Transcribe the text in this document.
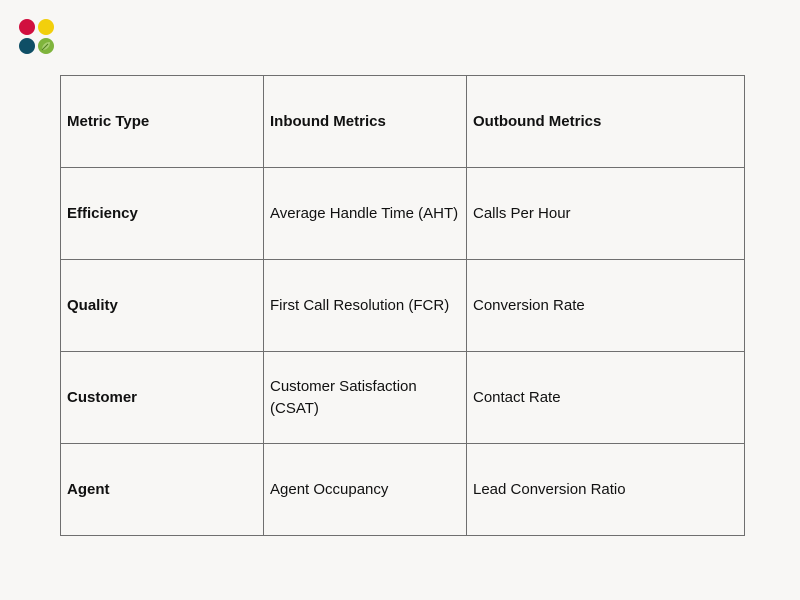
Metric Type	Inbound Metrics	Outbound Metrics
Efficiency	Average Handle Time (AHT)	Calls Per Hour
Quality	First Call Resolution (FCR)	Conversion Rate
Customer	Customer Satisfaction (CSAT)	Contact Rate
Agent	Agent Occupancy	Lead Conversion Ratio
